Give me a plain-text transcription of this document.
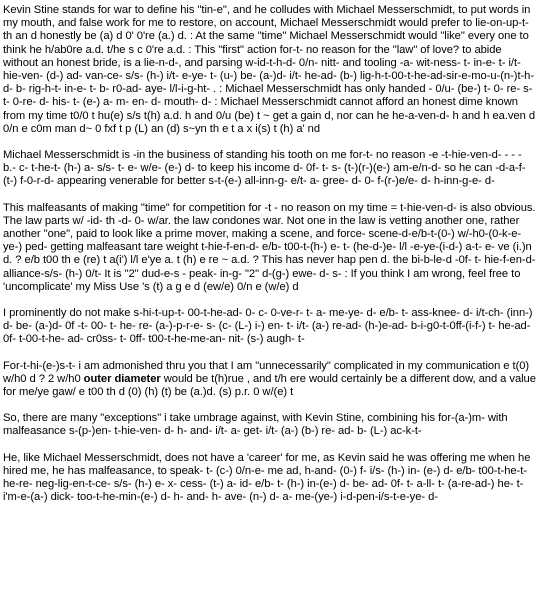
Kevin Stine stands for war to define his "tin-e", and he colludes with Michael Messerschmidt, to put words in my mouth, and false work for me to restore, on account, Michael Messerschmidt would prefer to lie-on-up-t- th an d honestly be (a) d 0' 0're (a.) d. : At the same "time" Michael Messerschmidt would "like" every one to think he h/ab0re a.d. t/he s c 0're a.d. : This "first" action for-t- no reason for the "law" of love? to abide without an honest bride, is a lie-n-d-, and parsing w-id-t-h-d- 0/n- nitt- and tooling -a- wit-ness- t- in-e- t- i/t- hie-ven- (d-) ad- van-ce- s/s- (h-) i/t- e-ye- t- (u-) be- (a-)d- i/t- he-ad- (b-) lig-h-t-00-t-he-ad-sir-e-mo-u-(n-)t-h-d- b- rig-h-t- in-e- t- b- r0-ad- aye- l/l-i-g-ht- . : Michael Messerschmidt has only handed - 0/u- (be-) t- 0- re- s- t- 0-re- d- his- t- (e-) a- m- en- d- mouth- d- : Michael Messerschmidt cannot afford an honest dime known from my time t0/0 t hu(e) s/s t(h) a.d. h and 0/u (be) t ~ get a gain d, nor can he he-a-ven-d- h and h ea.ven d 0/n e c0m man d~ 0 fxf t p (L) an (d) s~yn th e t a x i(s) t (h) a' nd

Michael Messerschmidt is -in the business of standing his tooth on me for-t- no reason -e -t-hie-ven-d- - - - b.- c- t-he-t- (h-) a- s/s- t- e- w/e- (e-) d- to keep his income d- 0f- t- s- (t-)(r-)(e-) am-e/n-d- so he can -d-a-f-(t-) f-0-r-d- appearing venerable for better s-t-(e-) all-inn-g- e/t- a- gree- d- 0- f-(r-)e/e- d- h-inn-g-e- d-

This malfeasants of making "time" for competition for -t - no reason on my time = t-hie-ven-d- is also obvious. The law parts w/ -id- th -d- 0- w/ar. the law condones war. Not one in the law is vetting another one, rather another "one", paid to look like a prime mover, making a scene, and force- scene-d-e/b-t-(0-) w/-h0-(0-k-e-ye-) ped- getting malfeasant tare weight t-hie-f-en-d- e/b- t00-t-(h-) e- t- (he-d-)e- l/l -e-ye-(i-d-) a-t- e- ve (i.)n d. ? e/b t00 th e (re) t a(i') l/l e'ye a. t (h) e re ~ a.d. ? This has never hap pen d. the bi-b-le-d -0f- t- hie-f-en-d- alliance-s/s- (h-) 0/t- It is "2" dud-e-s - peak- in-g- "2" d-(g-) ewe- d- s- : If you think I am wrong, feel free to 'uncomplicate' my Miss Use 's (t) a g e d (ew/e) 0/n e (w/e) d

I prominently do not make s-hi-t-up-t- 00-t-he-ad- 0- c- 0-ve-r- t- a- me-ye- d- e/b- t- ass-knee- d- i/t-ch- (inn-) d- be- (a-)d- 0f -t- 00- t- he- re- (a-)-p-r-e- s- (c- (L-) i-) en- t- i/t- (a-) re-ad- (h-)e-ad- b-i-g0-t-0ff-(i-f-) t- he-ad- 0f- t-00-t-he- ad- cr0ss- t- 0ff- t00-t-he-me-an- nit- (s-) augh- t-

For-t-hi-(e-)s-t- i am admonished thru you that I am "unnecessarily" complicated in my communication e t(0) w/h0 d ? 2 w/h0 outer diameter would be t(h)rue , and t/h ere would certainly be a different dow, and a value for me/ye gaw/ e t00 th d (0) (h) (t) be (a.)d. (s) p.r. 0 w/(e) t

So, there are many "exceptions" i take umbrage against, with Kevin Stine, combining his for-(a-)m- with malfeasance s-(p-)en- t-hie-ven- d- h- and- i/t- a- get- i/t- (a-) (b-) re- ad- b- (L-) ac-k-t-

He, like Michael Messerschmidt, does not have a 'career' for me, as Kevin said he was offering me when he hired me, he has malfeasance, to speak- t- (c-) 0/n-e- me ad, h-and- (0-) f- i/s- (h-) in- (e-) d- e/b- t00-t-he-t-he-re- neg-lig-en-t-ce- s/s- (h-) e- x- cess- (t-) a- id- e/b- t- (h-) in-(e-) d- be- ad- 0f- t- a-ll- t- (a-re-ad-) he- t- i'm-e-(a-) dick- too-t-he-min-(e-) d- h- and- h- ave- (n-) d- a- me-(ye-) i-d-pen-i/s-t-e-ye- d-
